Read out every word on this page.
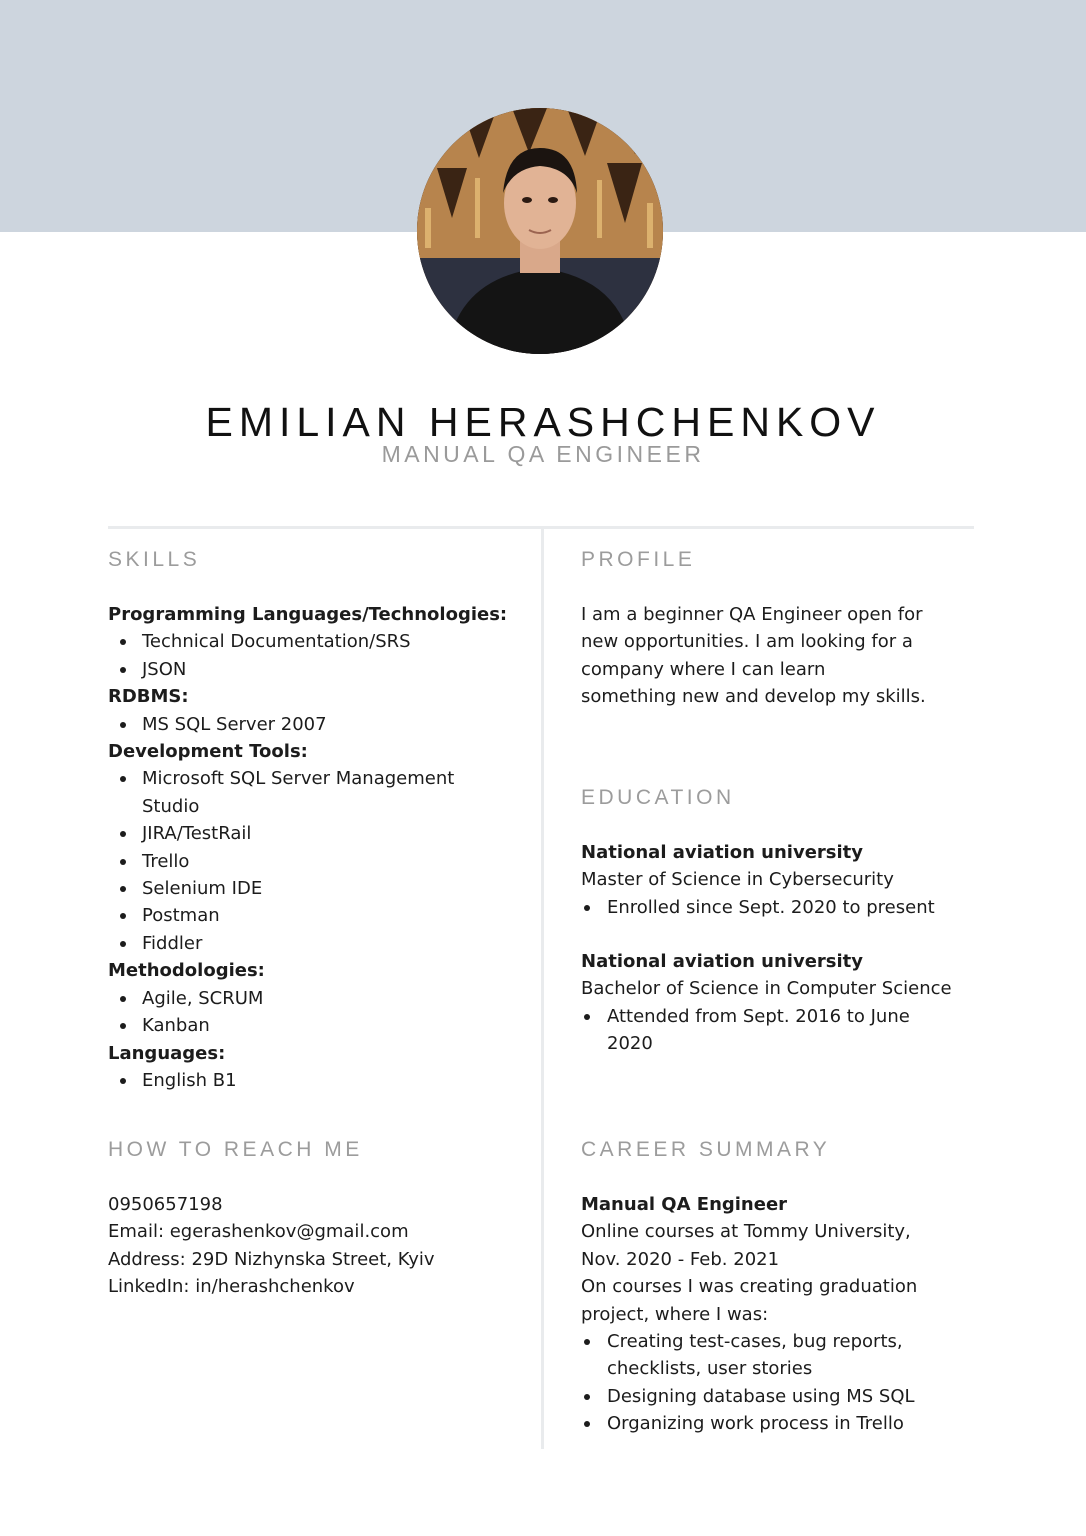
EMILIAN HERASHCHENKOV
MANUAL QA ENGINEER
SKILLS
Programming Languages/Technologies:
Technical Documentation/SRS
JSON
RDBMS:
MS SQL Server 2007
Development Tools:
Microsoft SQL Server Management Studio
JIRA/TestRail
Trello
Selenium IDE
Postman
Fiddler
Methodologies:
Agile, SCRUM
Kanban
Languages:
English B1
HOW TO REACH ME
0950657198
Email: egerashenkov@gmail.com
Address: 29D Nizhynska Street, Kyiv
LinkedIn: in/herashchenkov
PROFILE
I am a beginner QA Engineer open for
new opportunities. I am looking for a
company where I can learn
something new and develop my skills.
EDUCATION
National aviation university
Master of Science in Cybersecurity
Enrolled since Sept. 2020 to present
National aviation university
Bachelor of Science in Computer Science
Attended from Sept. 2016 to June 2020
CAREER SUMMARY
Manual QA Engineer
Online courses at Tommy University,
Nov. 2020 - Feb. 2021
On courses I was creating graduation project, where I was:
Creating test-cases, bug reports, checklists, user stories
Designing database using MS SQL
Organizing work process in Trello
